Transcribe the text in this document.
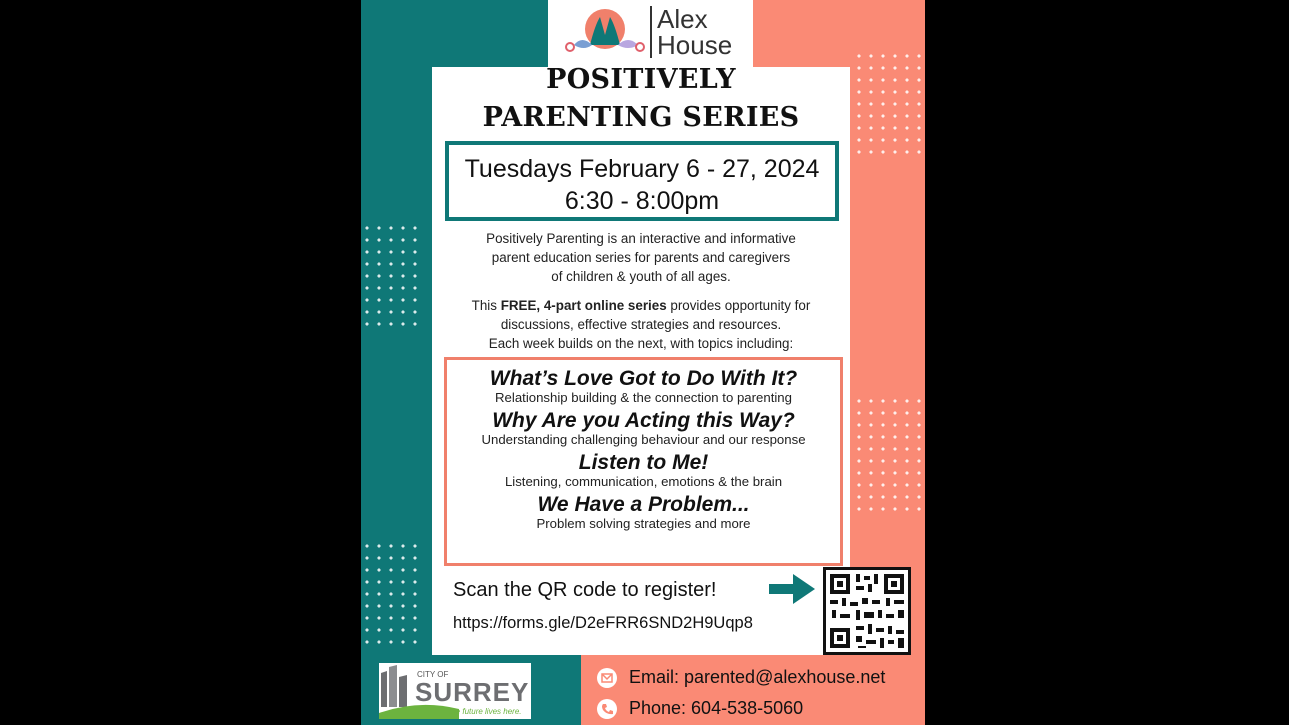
Alex
House
POSITIVELY
PARENTING SERIES
Tuesdays February 6 - 27, 2024
6:30 - 8:00pm
Positively Parenting is an interactive and informative
parent education series for parents and caregivers
of children & youth of all ages.
This FREE, 4-part online series provides opportunity for
discussions, effective strategies and resources.
Each week builds on the next, with topics including:
What’s Love Got to Do With It?
Relationship building & the connection to parenting
Why Are you Acting this Way?
Understanding challenging behaviour and our response
Listen to Me!
Listening, communication, emotions & the brain
We Have a Problem...
Problem solving strategies and more
Scan the QR code to register!
https://forms.gle/D2eFRR6SND2H9Uqp8
CITY OF
SURREY
the future lives here.
Email: parented@alexhouse.net
Phone: 604-538-5060
